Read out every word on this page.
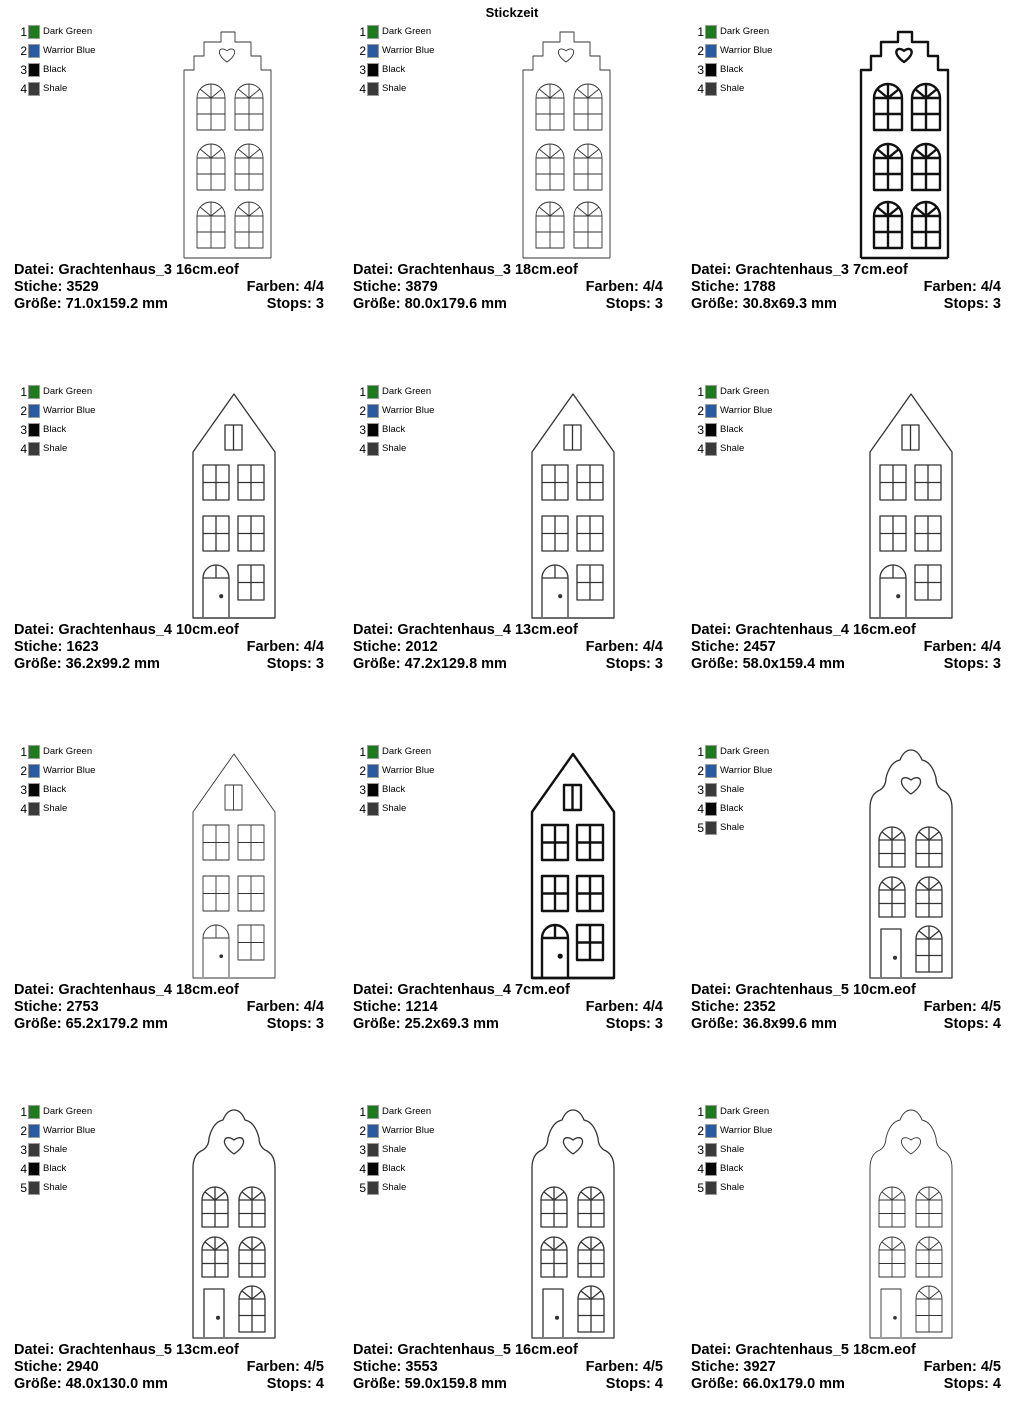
Stickzeit
1 Dark Green
2 Warrior Blue
3 Black
4 Shale
Datei: Grachtenhaus_3 16cm.eof
Stiche: 3529	Farben: 4/4
Größe: 71.0x159.2 mm	Stops: 3
1 Dark Green
2 Warrior Blue
3 Black
4 Shale
Datei: Grachtenhaus_3 18cm.eof
Stiche: 3879	Farben: 4/4
Größe: 80.0x179.6 mm	Stops: 3
1 Dark Green
2 Warrior Blue
3 Black
4 Shale
Datei: Grachtenhaus_3 7cm.eof
Stiche: 1788	Farben: 4/4
Größe: 30.8x69.3 mm	Stops: 3
1 Dark Green
2 Warrior Blue
3 Black
4 Shale
Datei: Grachtenhaus_4 10cm.eof
Stiche: 1623	Farben: 4/4
Größe: 36.2x99.2 mm	Stops: 3
1 Dark Green
2 Warrior Blue
3 Black
4 Shale
Datei: Grachtenhaus_4 13cm.eof
Stiche: 2012	Farben: 4/4
Größe: 47.2x129.8 mm	Stops: 3
1 Dark Green
2 Warrior Blue
3 Black
4 Shale
Datei: Grachtenhaus_4 16cm.eof
Stiche: 2457	Farben: 4/4
Größe: 58.0x159.4 mm	Stops: 3
1 Dark Green
2 Warrior Blue
3 Black
4 Shale
Datei: Grachtenhaus_4 18cm.eof
Stiche: 2753	Farben: 4/4
Größe: 65.2x179.2 mm	Stops: 3
1 Dark Green
2 Warrior Blue
3 Black
4 Shale
Datei: Grachtenhaus_4 7cm.eof
Stiche: 1214	Farben: 4/4
Größe: 25.2x69.3 mm	Stops: 3
1 Dark Green
2 Warrior Blue
3 Shale
4 Black
5 Shale
Datei: Grachtenhaus_5 10cm.eof
Stiche: 2352	Farben: 4/5
Größe: 36.8x99.6 mm	Stops: 4
1 Dark Green
2 Warrior Blue
3 Shale
4 Black
5 Shale
Datei: Grachtenhaus_5 13cm.eof
Stiche: 2940	Farben: 4/5
Größe: 48.0x130.0 mm	Stops: 4
1 Dark Green
2 Warrior Blue
3 Shale
4 Black
5 Shale
Datei: Grachtenhaus_5 16cm.eof
Stiche: 3553	Farben: 4/5
Größe: 59.0x159.8 mm	Stops: 4
1 Dark Green
2 Warrior Blue
3 Shale
4 Black
5 Shale
Datei: Grachtenhaus_5 18cm.eof
Stiche: 3927	Farben: 4/5
Größe: 66.0x179.0 mm	Stops: 4
